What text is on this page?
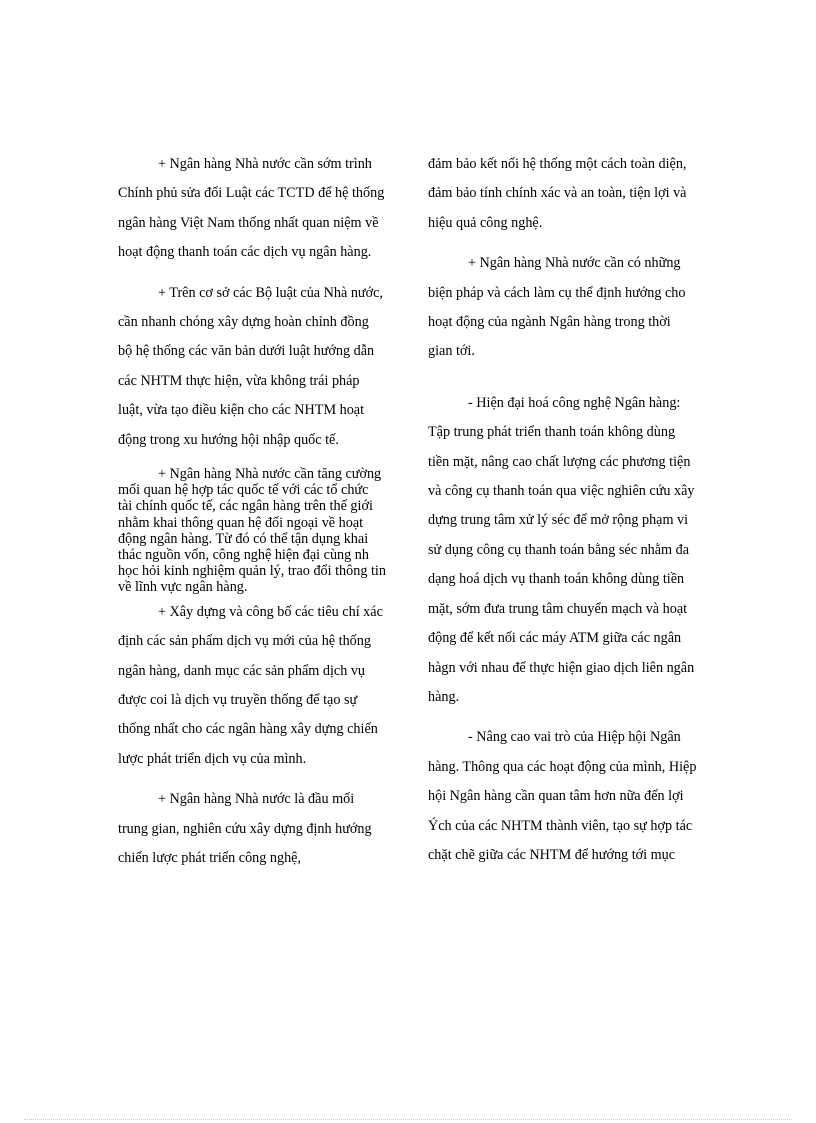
+ Ngân hàng Nhà nước cần sớm trình Chính phủ sửa đổi Luật các TCTD để hệ thống ngân hàng Việt Nam thống nhất quan niệm về hoạt động thanh toán các dịch vụ ngân hàng.

+ Trên cơ sở các Bộ luật của Nhà nước, cần nhanh chóng xây dựng hoàn chỉnh đồng bộ hệ thống các văn bản dưới luật hướng dẫn các NHTM thực hiện, vừa không trái pháp luật, vừa tạo điều kiện cho các NHTM hoạt động trong xu hướng hội nhập quốc tế.

+ Ngân hàng Nhà nước cần tăng cường mối quan hệ hợp tác quốc tế với các tổ chức tài chính quốc tế, các ngân hàng trên thế giới nhằm khai thông quan hệ đối ngoại về hoạt động ngân hàng. Từ đó có thể tận dụng khai thác nguồn vốn, công nghệ hiện đại cùng nh học hỏi kinh nghiệm quản lý, trao đổi thông tin về lĩnh vực ngân hàng.

+ Xây dựng và công bố các tiêu chí xác định các sản phẩm dịch vụ mới của hệ thống ngân hàng, danh mục các sản phẩm dịch vụ được coi là dịch vụ truyền thống để tạo sự thống nhất cho các ngân hàng xây dựng chiến lược phát triển dịch vụ của mình.

+ Ngân hàng Nhà nước là đầu mối trung gian, nghiên cứu xây dựng định hướng chiến lược phát triển công nghệ,

đảm bảo kết nối hệ thống một cách toàn diện, đảm bảo tính chính xác và an toàn, tiện lợi và hiệu quả công nghệ.

+ Ngân hàng Nhà nước cần có những biện pháp và cách làm cụ thể định hướng cho hoạt động của ngành Ngân hàng trong thời gian tới.

- Hiện đại hoá công nghệ Ngân hàng: Tập trung phát triển thanh toán không dùng tiền mặt, nâng cao chất lượng các phương tiện và công cụ thanh toán qua việc nghiên cứu xây dựng trung tâm xử lý séc để mở rộng phạm vi sử dụng công cụ thanh toán bằng séc nhằm đa dạng hoá dịch vụ thanh toán không dùng tiền mặt, sớm đưa trung tâm chuyển mạch và hoạt động để kết nối các máy ATM giữa các ngân hàgn với nhau để thực hiện giao dịch liên ngân hàng.

- Nâng cao vai trò của Hiệp hội Ngân hàng. Thông qua các hoạt động của mình, Hiệp hội Ngân hàng cần quan tâm hơn nữa đến lợi Ých của các NHTM thành viên, tạo sự hợp tác chặt chẽ giữa các NHTM để hướng tới mục
